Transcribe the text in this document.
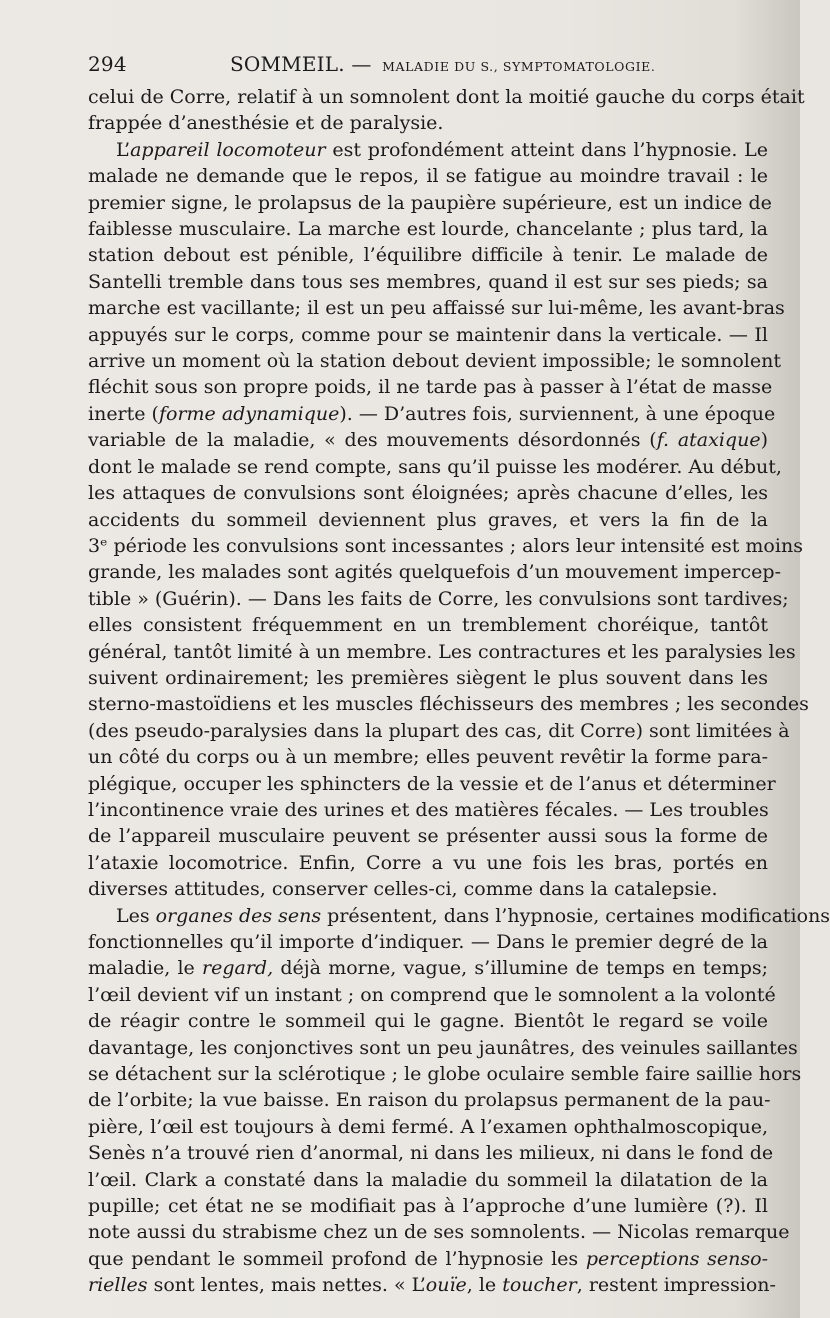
294	SOMMEIL. — MALADIE DU S., SYMPTOMATOLOGIE.
celui de Corre, relatif à un somnolent dont la moitié gauche du corps était
frappée d’anesthésie et de paralysie.
L’appareil locomoteur est profondément atteint dans l’hypnosie. Le
malade ne demande que le repos, il se fatigue au moindre travail : le
premier signe, le prolapsus de la paupière supérieure, est un indice de
faiblesse musculaire. La marche est lourde, chancelante ; plus tard, la
station debout est pénible, l’équilibre difficile à tenir. Le malade de
Santelli tremble dans tous ses membres, quand il est sur ses pieds; sa
marche est vacillante; il est un peu affaissé sur lui-même, les avant-bras
appuyés sur le corps, comme pour se maintenir dans la verticale. — Il
arrive un moment où la station debout devient impossible; le somnolent
fléchit sous son propre poids, il ne tarde pas à passer à l’état de masse
inerte (forme adynamique). — D’autres fois, surviennent, à une époque
variable de la maladie, « des mouvements désordonnés (f. ataxique)
dont le malade se rend compte, sans qu’il puisse les modérer. Au début,
les attaques de convulsions sont éloignées; après chacune d’elles, les
accidents du sommeil deviennent plus graves, et vers la fin de la
3ᵉ période les convulsions sont incessantes ; alors leur intensité est moins
grande, les malades sont agités quelquefois d’un mouvement impercep-
tible » (Guérin). — Dans les faits de Corre, les convulsions sont tardives;
elles consistent fréquemment en un tremblement choréique, tantôt
général, tantôt limité à un membre. Les contractures et les paralysies les
suivent ordinairement; les premières siègent le plus souvent dans les
sterno-mastoïdiens et les muscles fléchisseurs des membres ; les secondes
(des pseudo-paralysies dans la plupart des cas, dit Corre) sont limitées à
un côté du corps ou à un membre; elles peuvent revêtir la forme para-
plégique, occuper les sphincters de la vessie et de l’anus et déterminer
l’incontinence vraie des urines et des matières fécales. — Les troubles
de l’appareil musculaire peuvent se présenter aussi sous la forme de
l’ataxie locomotrice. Enfin, Corre a vu une fois les bras, portés en
diverses attitudes, conserver celles-ci, comme dans la catalepsie.
Les organes des sens présentent, dans l’hypnosie, certaines modifications
fonctionnelles qu’il importe d’indiquer. — Dans le premier degré de la
maladie, le regard, déjà morne, vague, s’illumine de temps en temps;
l’œil devient vif un instant ; on comprend que le somnolent a la volonté
de réagir contre le sommeil qui le gagne. Bientôt le regard se voile
davantage, les conjonctives sont un peu jaunâtres, des veinules saillantes
se détachent sur la sclérotique ; le globe oculaire semble faire saillie hors
de l’orbite; la vue baisse. En raison du prolapsus permanent de la pau-
pière, l’œil est toujours à demi fermé. A l’examen ophthalmoscopique,
Senès n’a trouvé rien d’anormal, ni dans les milieux, ni dans le fond de
l’œil. Clark a constaté dans la maladie du sommeil la dilatation de la
pupille; cet état ne se modifiait pas à l’approche d’une lumière (?). Il
note aussi du strabisme chez un de ses somnolents. — Nicolas remarque
que pendant le sommeil profond de l’hypnosie les perceptions senso-
rielles sont lentes, mais nettes. « L’ouïe, le toucher, restent impression-
